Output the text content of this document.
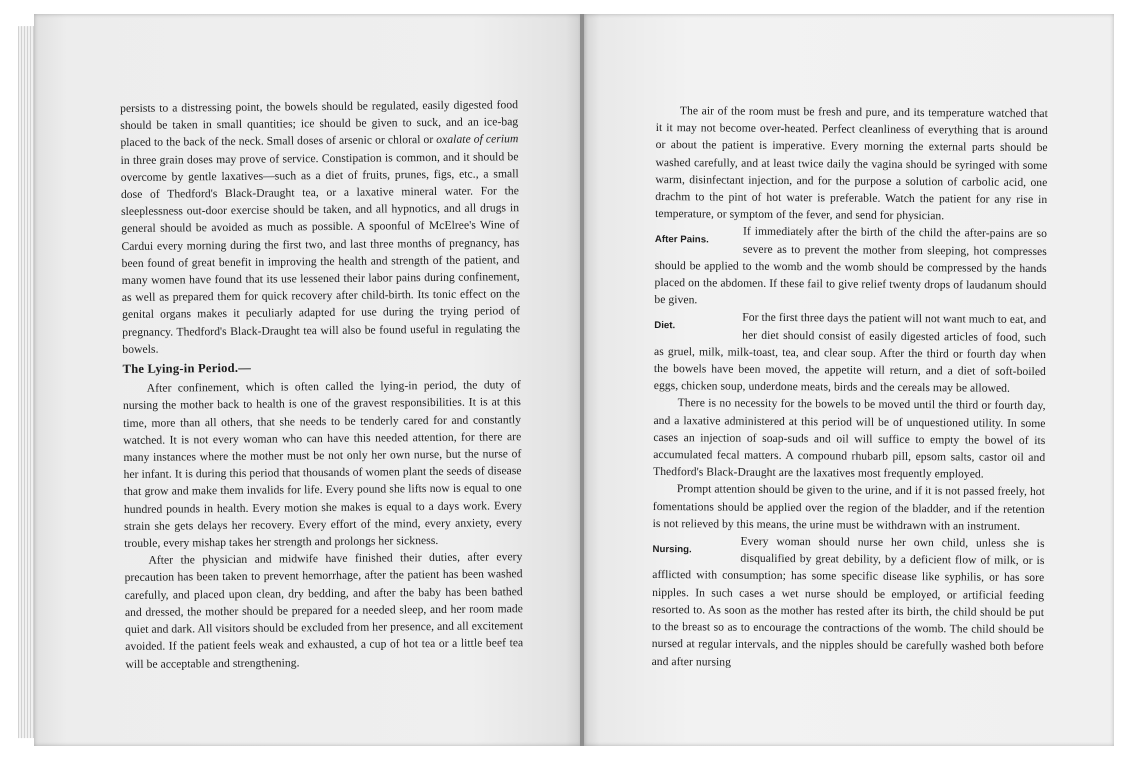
persists to a distressing point, the bowels should be regulated, easily digested food should be taken in small quantities; ice should be given to suck, and an ice-bag placed to the back of the neck. Small doses of arsenic or chloral or oxalate of cerium in three grain doses may prove of service. Constipation is common, and it should be overcome by gentle laxatives—such as a diet of fruits, prunes, figs, etc., a small dose of Thedford's Black-Draught tea, or a laxative mineral water. For the sleeplessness out-door exercise should be taken, and all hypnotics, and all drugs in general should be avoided as much as possible. A spoonful of McElree's Wine of Cardui every morning during the first two, and last three months of pregnancy, has been found of great benefit in improving the health and strength of the patient, and many women have found that its use lessened their labor pains during confinement, as well as prepared them for quick recovery after child-birth. Its tonic effect on the genital organs makes it peculiarly adapted for use during the trying period of pregnancy. Thedford's Black-Draught tea will also be found useful in regulating the bowels.

The Lying-in Period.—

After confinement, which is often called the lying-in period, the duty of nursing the mother back to health is one of the gravest responsibilities. It is at this time, more than all others, that she needs to be tenderly cared for and constantly watched. It is not every woman who can have this needed attention, for there are many instances where the mother must be not only her own nurse, but the nurse of her infant. It is during this period that thousands of women plant the seeds of disease that grow and make them invalids for life. Every pound she lifts now is equal to one hundred pounds in health. Every motion she makes is equal to a days work. Every strain she gets delays her recovery. Every effort of the mind, every anxiety, every trouble, every mishap takes her strength and prolongs her sickness.

After the physician and midwife have finished their duties, after every precaution has been taken to prevent hemorrhage, after the patient has been washed carefully, and placed upon clean, dry bedding, and after the baby has been bathed and dressed, the mother should be prepared for a needed sleep, and her room made quiet and dark. All visitors should be excluded from her presence, and all excitement avoided. If the patient feels weak and exhausted, a cup of hot tea or a little beef tea will be acceptable and strengthening.

The air of the room must be fresh and pure, and its temperature watched that it it may not become over-heated. Perfect cleanliness of everything that is around or about the patient is imperative. Every morning the external parts should be washed carefully, and at least twice daily the vagina should be syringed with some warm, disinfectant injection, and for the purpose a solution of carbolic acid, one drachm to the pint of hot water is preferable. Watch the patient for any rise in temperature, or symptom of the fever, and send for physician.

After Pains.	If immediately after the birth of the child the after-pains are so severe as to prevent the mother from sleeping, hot compresses should be applied to the womb and the womb should be compressed by the hands placed on the abdomen. If these fail to give relief twenty drops of laudanum should be given.

Diet.	For the first three days the patient will not want much to eat, and her diet should consist of easily digested articles of food, such as gruel, milk, milk-toast, tea, and clear soup. After the third or fourth day when the bowels have been moved, the appetite will return, and a diet of soft-boiled eggs, chicken soup, underdone meats, birds and the cereals may be allowed.

There is no necessity for the bowels to be moved until the third or fourth day, and a laxative administered at this period will be of unquestioned utility. In some cases an injection of soap-suds and oil will suffice to empty the bowel of its accumulated fecal matters. A compound rhubarb pill, epsom salts, castor oil and Thedford's Black-Draught are the laxatives most frequently employed.

Prompt attention should be given to the urine, and if it is not passed freely, hot fomentations should be applied over the region of the bladder, and if the retention is not relieved by this means, the urine must be withdrawn with an instrument.

Nursing.	Every woman should nurse her own child, unless she is disqualified by great debility, by a deficient flow of milk, or is afflicted with consumption; has some specific disease like syphilis, or has sore nipples. In such cases a wet nurse should be employed, or artificial feeding resorted to. As soon as the mother has rested after its birth, the child should be put to the breast so as to encourage the contractions of the womb. The child should be nursed at regular intervals, and the nipples should be carefully washed both before and after nursing
